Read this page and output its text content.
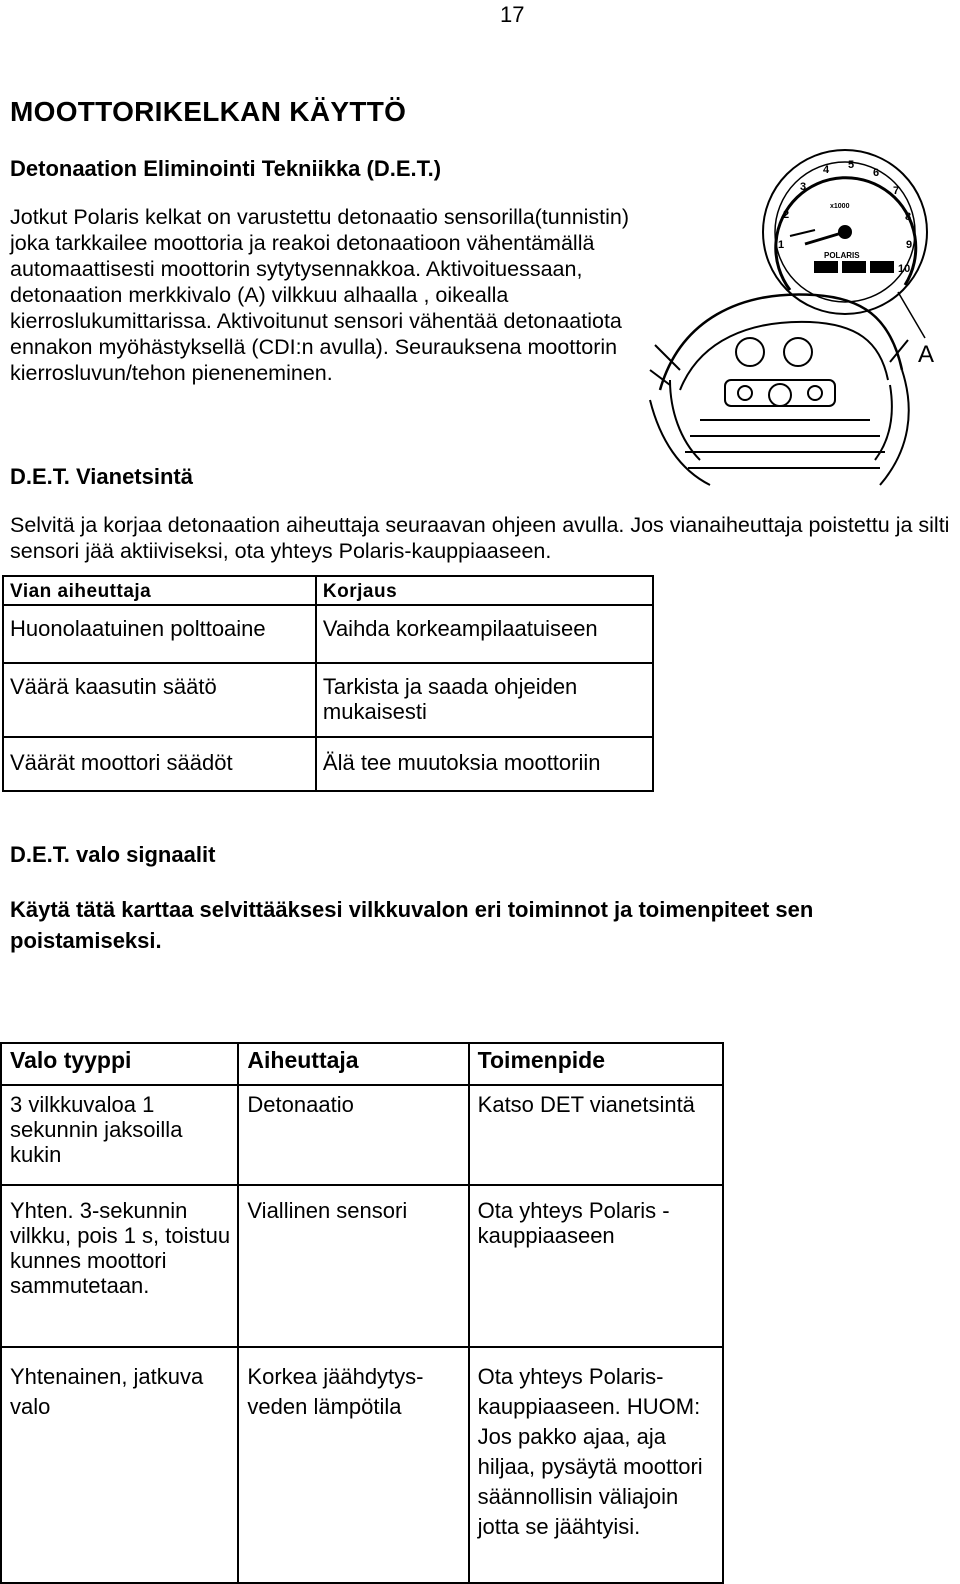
17
MOOTTORIKELKAN KÄYTTÖ
Detonaation Eliminointi Tekniikka (D.E.T.)
Jotkut Polaris kelkat on varustettu detonaatio sensorilla(tunnistin) joka tarkkailee moottoria ja reakoi detonaatioon vähentämällä automaattisesti moottorin sytytysennakkoa. Aktivoituessaan, detonaation merkkivalo (A) vilkkuu alhaalla , oikealla kierroslukumittarissa. Aktivoitunut sensori vähentää detonaatiota ennakon myöhästyksellä (CDI:n avulla). Seurauksena moottorin kierrosluvun/tehon pieneneminen.
1
2
3
4 5
6
7
8
9
10
x1000
POLARIS
A
D.E.T. Vianetsintä
Selvitä ja korjaa detonaation aiheuttaja seuraavan ohjeen avulla. Jos vianaiheuttaja poistettu ja silti sensori jää aktiiviseksi, ota yhteys Polaris-kauppiaaseen.
Vian aiheuttaja	Korjaus
Huonolaatuinen polttoaine	Vaihda korkeampilaatuiseen
Väärä kaasutin säätö	Tarkista ja saada ohjeiden mukaisesti
Väärät moottori säädöt	Älä tee muutoksia moottoriin
D.E.T. valo signaalit
Käytä tätä karttaa selvittääksesi vilkkuvalon eri toiminnot ja toimenpiteet sen poistamiseksi.
Valo tyyppi	Aiheuttaja	Toimenpide
3 vilkkuvaloa 1 sekunnin jaksoilla kukin	Detonaatio	Katso DET vianetsintä
Yhten. 3-sekunnin vilkku, pois 1 s, toistuu kunnes moottori sammutetaan.	Viallinen sensori	Ota yhteys Polaris -kauppiaaseen
Yhtenainen, jatkuva valo	Korkea jäähdytys-veden lämpötila	Ota yhteys Polaris-kauppiaaseen. HUOM: Jos pakko ajaa, aja hiljaa, pysäytä moottori säännollisin väliajoin jotta se jäähtyisi.
